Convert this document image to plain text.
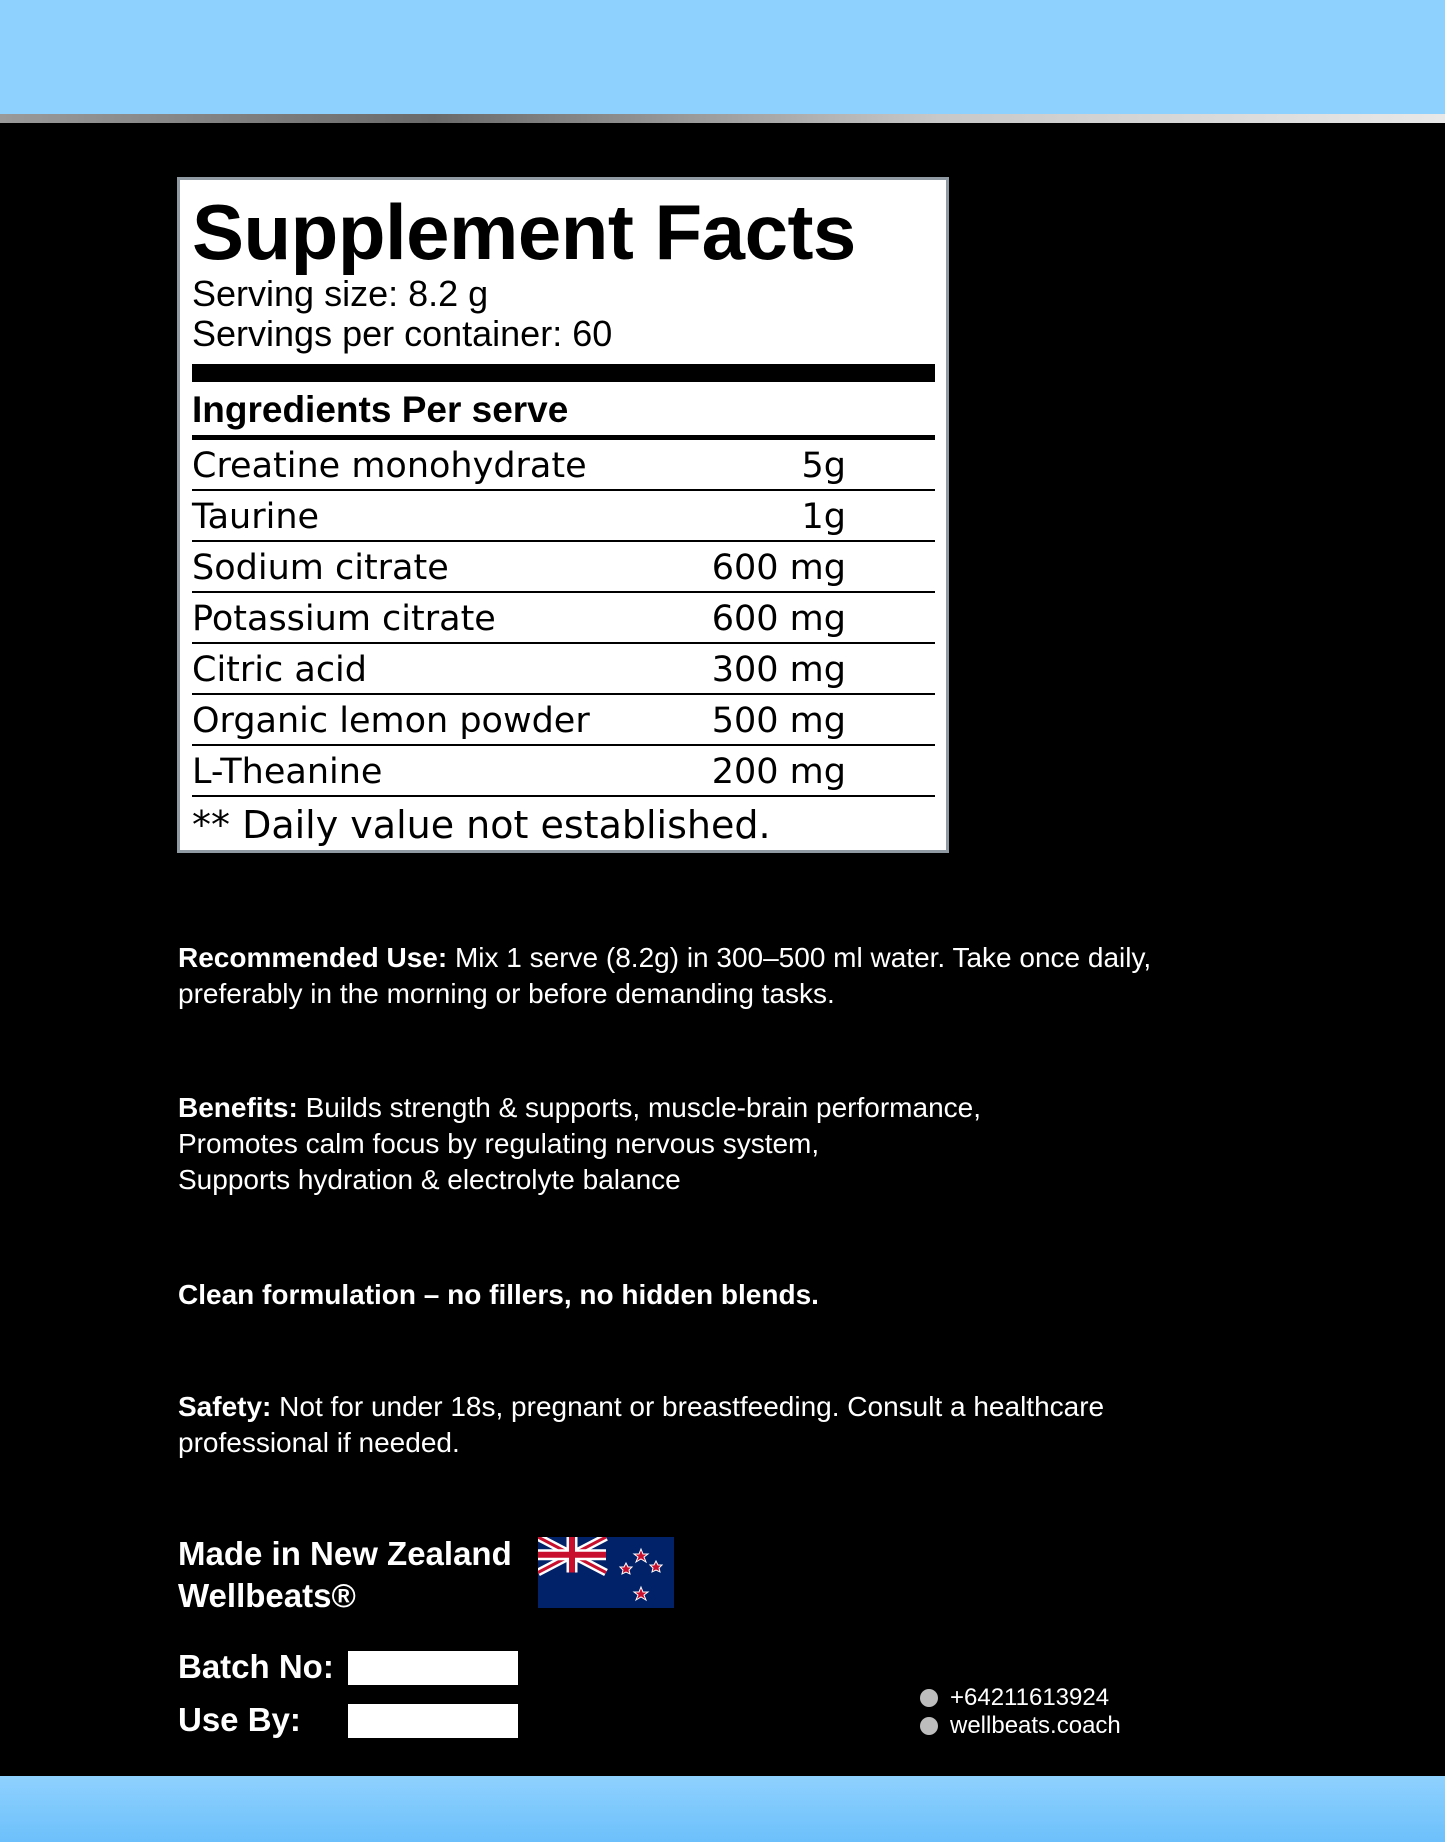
Supplement Facts
Serving size: 8.2 g
Servings per container: 60
Ingredients Per serve
Creatine monohydrate	5g
Taurine	1g
Sodium citrate	600 mg
Potassium citrate	600 mg
Citric acid	300 mg
Organic lemon powder	500 mg
L-Theanine	200 mg
** Daily value not established.
Recommended Use: Mix 1 serve (8.2g) in 300–500 ml water. Take once daily,
preferably in the morning or before demanding tasks.
Benefits: Builds strength & supports, muscle-brain performance,
Promotes calm focus by regulating nervous system,
Supports hydration & electrolyte balance
Clean formulation – no fillers, no hidden blends.
Safety: Not for under 18s, pregnant or breastfeeding. Consult a healthcare
professional if needed.
Made in New Zealand
Wellbeats®
Batch No:
Use By:
+64211613924
wellbeats.coach
